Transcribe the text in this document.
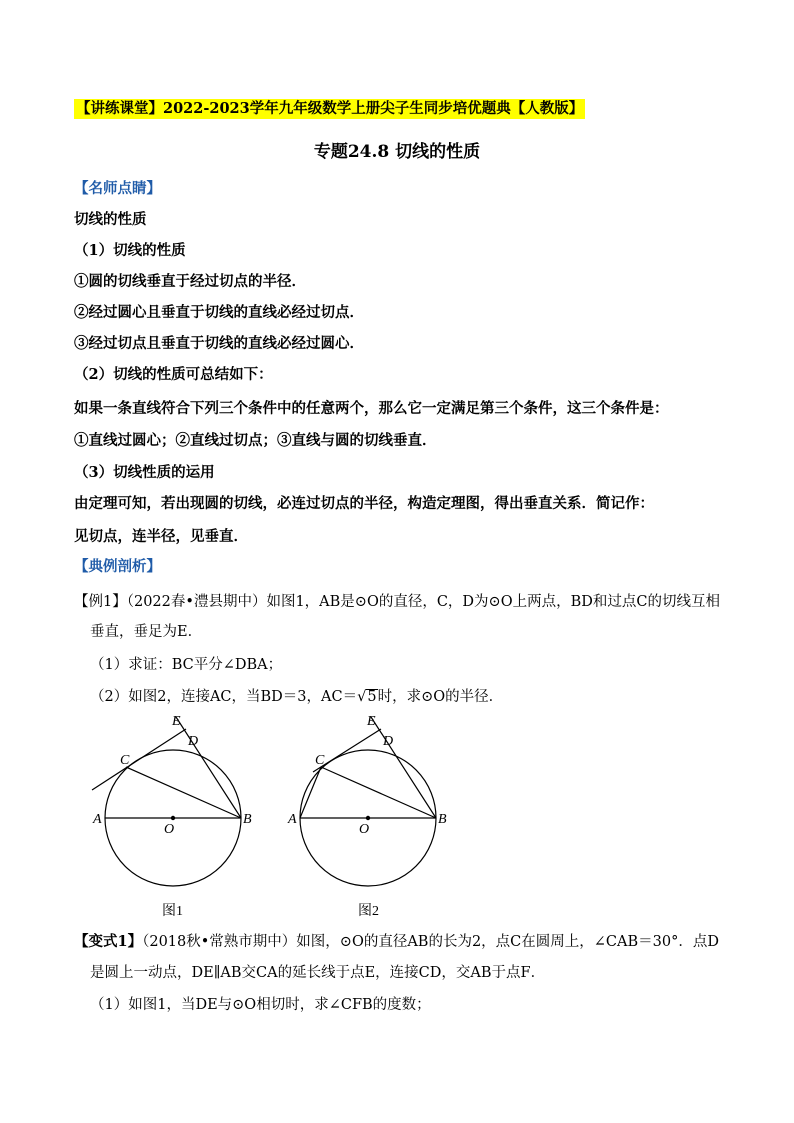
【讲练课堂】2022-2023学年九年级数学上册尖子生同步培优题典【人教版】
专题24.8 切线的性质
【名师点睛】
切线的性质
（1）切线的性质
①圆的切线垂直于经过切点的半径．
②经过圆心且垂直于切线的直线必经过切点．
③经过切点且垂直于切线的直线必经过圆心．
（2）切线的性质可总结如下：
如果一条直线符合下列三个条件中的任意两个，那么它一定满足第三个条件，这三个条件是：
①直线过圆心；②直线过切点；③直线与圆的切线垂直．
（3）切线性质的运用
由定理可知，若出现圆的切线，必连过切点的半径，构造定理图，得出垂直关系．简记作：
见切点，连半径，见垂直．
【典例剖析】
【例1】（2022春•澧县期中）如图1，AB是⊙O的直径，C，D为⊙O上两点，BD和过点C的切线互相
垂直，垂足为E．
（1）求证：BC平分∠DBA；
（2）如图2，连接AC，当BD＝3，AC＝√5时，求⊙O的半径．
A	B
C
D
E
O
图1
A	B
C
D
E
O
图2
【变式1】（2018秋•常熟市期中）如图，⊙O的直径AB的长为2，点C在圆周上，∠CAB＝30°．点D
是圆上一动点，DE∥AB交CA的延长线于点E，连接CD，交AB于点F．
（1）如图1，当DE与⊙O相切时，求∠CFB的度数；
